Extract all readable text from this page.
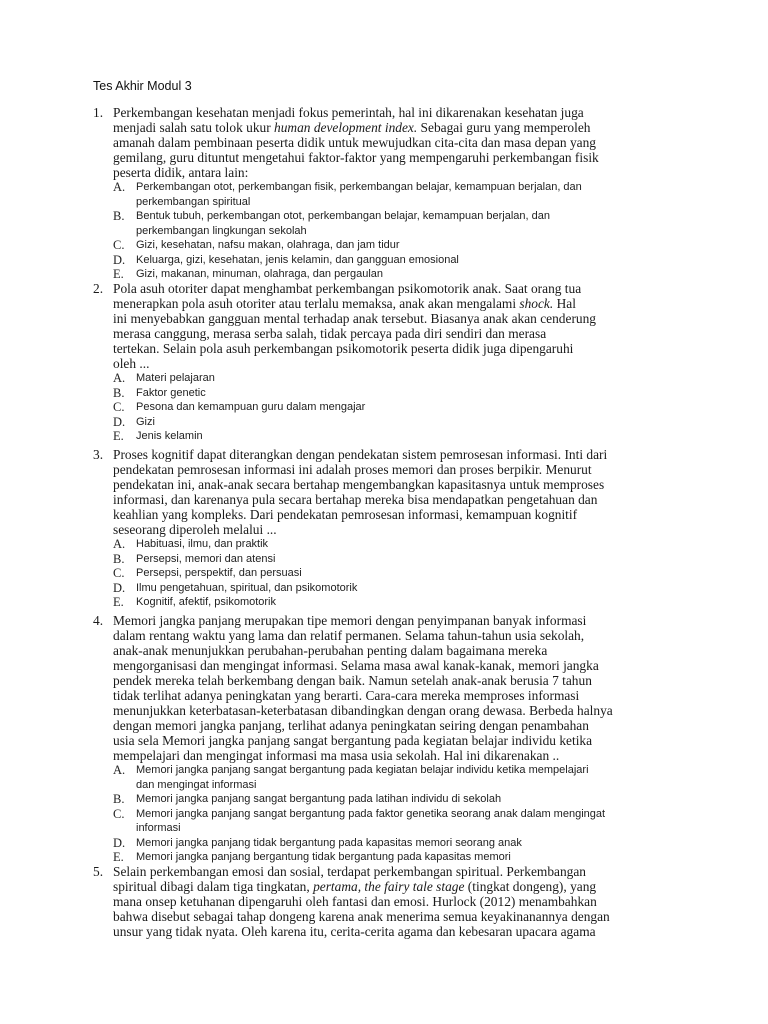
Tes Akhir Modul 3
1. Perkembangan kesehatan menjadi fokus pemerintah, hal ini dikarenakan kesehatan juga
menjadi salah satu tolok ukur human development index. Sebagai guru yang memperoleh
amanah dalam pembinaan peserta didik untuk mewujudkan cita-cita dan masa depan yang
gemilang, guru dituntut mengetahui faktor-faktor yang mempengaruhi perkembangan fisik
peserta didik, antara lain:
A. Perkembangan otot, perkembangan fisik, perkembangan belajar, kemampuan berjalan, dan
perkembangan spiritual
B. Bentuk tubuh, perkembangan otot, perkembangan belajar, kemampuan berjalan, dan
perkembangan lingkungan sekolah
C. Gizi, kesehatan, nafsu makan, olahraga, dan jam tidur
D. Keluarga, gizi, kesehatan, jenis kelamin, dan gangguan emosional
E. Gizi, makanan, minuman, olahraga, dan pergaulan
2. Pola asuh otoriter dapat menghambat perkembangan psikomotorik anak. Saat orang tua
menerapkan pola asuh otoriter atau terlalu memaksa, anak akan mengalami shock. Hal
ini menyebabkan gangguan mental terhadap anak tersebut. Biasanya anak akan cenderung
merasa canggung, merasa serba salah, tidak percaya pada diri sendiri dan merasa
tertekan. Selain pola asuh perkembangan psikomotorik peserta didik juga dipengaruhi
oleh ...
A. Materi pelajaran
B. Faktor genetic
C. Pesona dan kemampuan guru dalam mengajar
D. Gizi
E. Jenis kelamin
3. Proses kognitif dapat diterangkan dengan pendekatan sistem pemrosesan informasi. Inti dari
pendekatan pemrosesan informasi ini adalah proses memori dan proses berpikir. Menurut
pendekatan ini, anak-anak secara bertahap mengembangkan kapasitasnya untuk memproses
informasi, dan karenanya pula secara bertahap mereka bisa mendapatkan pengetahuan dan
keahlian yang kompleks. Dari pendekatan pemrosesan informasi, kemampuan kognitif
seseorang diperoleh melalui ...
A. Habituasi, ilmu, dan praktik
B. Persepsi, memori dan atensi
C. Persepsi, perspektif, dan persuasi
D. Ilmu pengetahuan, spiritual, dan psikomotorik
E. Kognitif, afektif, psikomotorik
4. Memori jangka panjang merupakan tipe memori dengan penyimpanan banyak informasi
dalam rentang waktu yang lama dan relatif permanen. Selama tahun-tahun usia sekolah,
anak-anak menunjukkan perubahan-perubahan penting dalam bagaimana mereka
mengorganisasi dan mengingat informasi. Selama masa awal kanak-kanak, memori jangka
pendek mereka telah berkembang dengan baik. Namun setelah anak-anak berusia 7 tahun
tidak terlihat adanya peningkatan yang berarti. Cara-cara mereka memproses informasi
menunjukkan keterbatasan-keterbatasan dibandingkan dengan orang dewasa. Berbeda halnya
dengan memori jangka panjang, terlihat adanya peningkatan seiring dengan penambahan
usia sela Memori jangka panjang sangat bergantung pada kegiatan belajar individu ketika
mempelajari dan mengingat informasi ma masa usia sekolah. Hal ini dikarenakan ..
A. Memori jangka panjang sangat bergantung pada kegiatan belajar individu ketika mempelajari
dan mengingat informasi
B. Memori jangka panjang sangat bergantung pada latihan individu di sekolah
C. Memori jangka panjang sangat bergantung pada faktor genetika seorang anak dalam mengingat
informasi
D. Memori jangka panjang tidak bergantung pada kapasitas memori seorang anak
E. Memori jangka panjang bergantung tidak bergantung pada kapasitas memori
5. Selain perkembangan emosi dan sosial, terdapat perkembangan spiritual. Perkembangan
spiritual dibagi dalam tiga tingkatan, pertama, the fairy tale stage (tingkat dongeng), yang
mana onsep ketuhanan dipengaruhi oleh fantasi dan emosi. Hurlock (2012) menambahkan
bahwa disebut sebagai tahap dongeng karena anak menerima semua keyakinanannya dengan
unsur yang tidak nyata. Oleh karena itu, cerita-cerita agama dan kebesaran upacara agama
